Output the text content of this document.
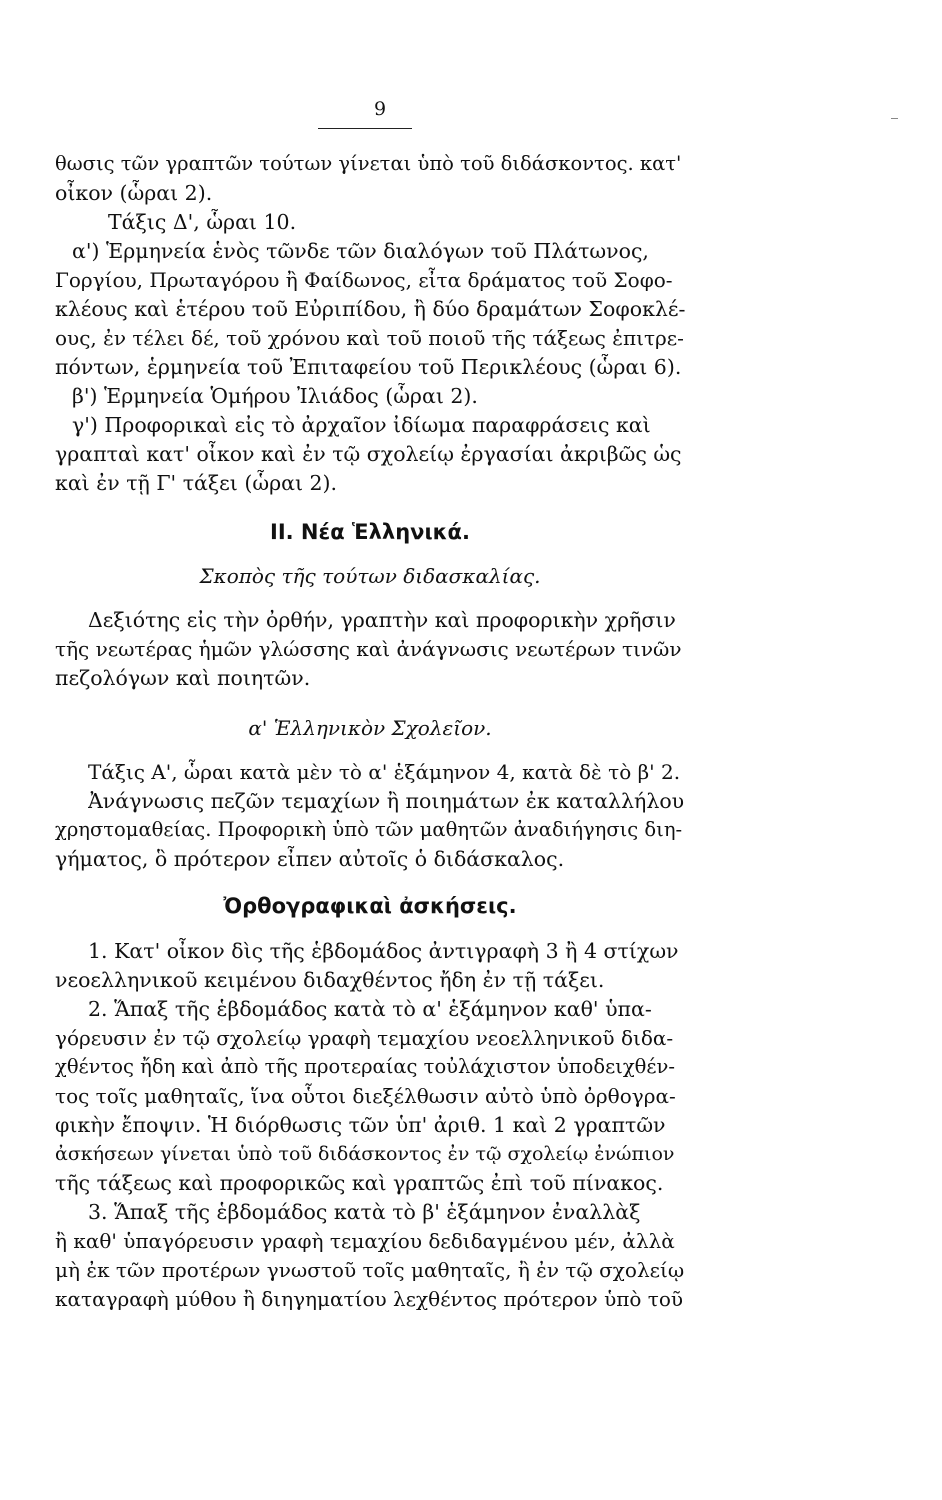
9
θωσις τῶν γραπτῶν τούτων γίνεται ὑπὸ τοῦ διδάσκοντος. κατ'
οἶκον (ὧραι 2).
Τάξις Δ', ὧραι 10.
α') Ἑρμηνεία ἑνὸς τῶνδε τῶν διαλόγων τοῦ Πλάτωνος,
Γοργίου, Πρωταγόρου ἢ Φαίδωνος, εἶτα δράματος τοῦ Σοφο-
κλέους καὶ ἑτέρου τοῦ Εὐριπίδου, ἢ δύο δραμάτων Σοφοκλέ-
ους, ἐν τέλει δέ, τοῦ χρόνου καὶ τοῦ ποιοῦ τῆς τάξεως ἐπιτρε-
πόντων, ἑρμηνεία τοῦ Ἐπιταφείου τοῦ Περικλέους (ὧραι 6).
β') Ἑρμηνεία Ὁμήρου Ἰλιάδος (ὧραι 2).
γ') Προφορικαὶ εἰς τὸ ἀρχαῖον ἰδίωμα παραφράσεις καὶ
γραπταὶ κατ' οἶκον καὶ ἐν τῷ σχολείῳ ἐργασίαι ἀκριβῶς ὡς
καὶ ἐν τῇ Γ' τάξει (ὧραι 2).
ΙΙ. Νέα Ἑλληνικά.
Σκοπὸς τῆς τούτων διδασκαλίας.
Δεξιότης εἰς τὴν ὀρθήν, γραπτὴν καὶ προφορικὴν χρῆσιν
τῆς νεωτέρας ἡμῶν γλώσσης καὶ ἀνάγνωσις νεωτέρων τινῶν
πεζολόγων καὶ ποιητῶν.
α' Ἑλληνικὸν Σχολεῖον.
Τάξις Α', ὧραι κατὰ μὲν τὸ α' ἑξάμηνον 4, κατὰ δὲ τὸ β' 2.
Ἀνάγνωσις πεζῶν τεμαχίων ἢ ποιημάτων ἐκ καταλλήλου
χρηστομαθείας. Προφορικὴ ὑπὸ τῶν μαθητῶν ἀναδιήγησις διη-
γήματος, ὃ πρότερον εἶπεν αὐτοῖς ὁ διδάσκαλος.
Ὀρθογραφικαὶ ἀσκήσεις.
1. Κατ' οἶκον δὶς τῆς ἑβδομάδος ἀντιγραφὴ 3 ἢ 4 στίχων
νεοελληνικοῦ κειμένου διδαχθέντος ἤδη ἐν τῇ τάξει.
2. Ἅπαξ τῆς ἑβδομάδος κατὰ τὸ α' ἑξάμηνον καθ' ὑπα-
γόρευσιν ἐν τῷ σχολείῳ γραφὴ τεμαχίου νεοελληνικοῦ διδα-
χθέντος ἤδη καὶ ἀπὸ τῆς προτεραίας τοὐλάχιστον ὑποδειχθέν-
τος τοῖς μαθηταῖς, ἵνα οὗτοι διεξέλθωσιν αὐτὸ ὑπὸ ὀρθογρα-
φικὴν ἔποψιν. Ἡ διόρθωσις τῶν ὑπ' ἀριθ. 1 καὶ 2 γραπτῶν
ἀσκήσεων γίνεται ὑπὸ τοῦ διδάσκοντος ἐν τῷ σχολείῳ ἐνώπιον
τῆς τάξεως καὶ προφορικῶς καὶ γραπτῶς ἐπὶ τοῦ πίνακος.
3. Ἅπαξ τῆς ἑβδομάδος κατὰ τὸ β' ἑξάμηνον ἐναλλὰξ
ἢ καθ' ὑπαγόρευσιν γραφὴ τεμαχίου δεδιδαγμένου μέν, ἀλλὰ
μὴ ἐκ τῶν προτέρων γνωστοῦ τοῖς μαθηταῖς, ἢ ἐν τῷ σχολείῳ
καταγραφὴ μύθου ἢ διηγηματίου λεχθέντος πρότερον ὑπὸ τοῦ
